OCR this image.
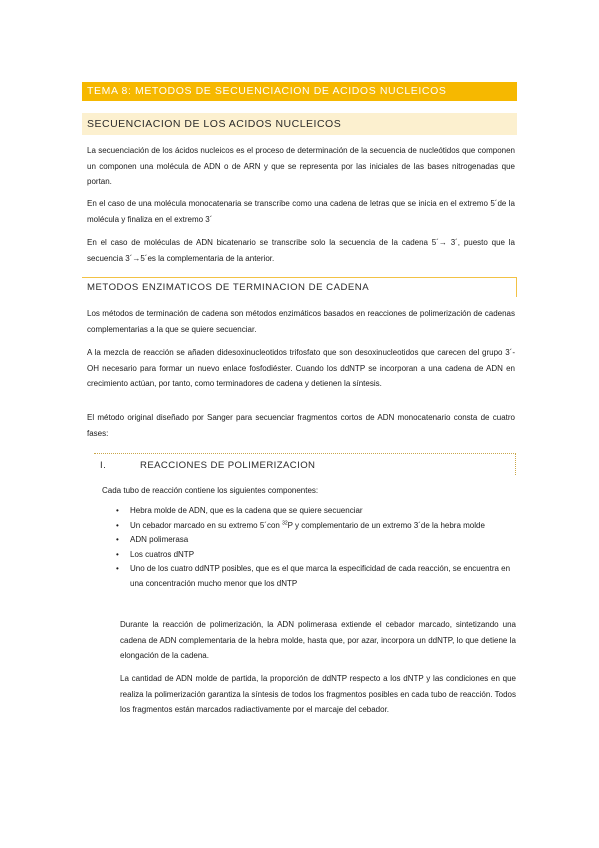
TEMA 8: METODOS DE SECUENCIACION DE ACIDOS NUCLEICOS
SECUENCIACION DE LOS ACIDOS NUCLEICOS

La secuenciación de los ácidos nucleicos es el proceso de determinación de la secuencia de nucleótidos que componen un componen una molécula de ADN o de ARN y que se representa por las iniciales de las bases nitrogenadas que portan.

En el caso de una molécula monocatenaria se transcribe como una cadena de letras que se inicia en el extremo 5´de la molécula y finaliza en el extremo 3´

En el caso de moléculas de ADN bicatenario se transcribe solo la secuencia de la cadena 5´→ 3´, puesto que la secuencia 3´→5´es la complementaria de la anterior.

METODOS ENZIMATICOS DE TERMINACION DE CADENA

Los métodos de terminación de cadena son métodos enzimáticos basados en reacciones de polimerización de cadenas complementarias a la que se quiere secuenciar.

A la mezcla de reacción se añaden didesoxinucleotidos trifosfato que son desoxinucleotidos que carecen del grupo 3´-OH necesario para formar un nuevo enlace fosfodiéster. Cuando los ddNTP se incorporan a una cadena de ADN en crecimiento actúan, por tanto, como terminadores de cadena y detienen la síntesis.

El método original diseñado por Sanger para secuenciar fragmentos cortos de ADN monocatenario consta de cuatro fases:

I.	REACCIONES DE POLIMERIZACION

Cada tubo de reacción contiene los siguientes componentes:

• Hebra molde de ADN, que es la cadena que se quiere secuenciar
• Un cebador marcado en su extremo 5´con $^{32}$P y complementario de un extremo 3´de la hebra molde
• ADN polimerasa
• Los cuatros dNTP
• Uno de los cuatro ddNTP posibles, que es el que marca la especificidad de cada reacción, se encuentra en una concentración mucho menor que los dNTP

Durante la reacción de polimerización, la ADN polimerasa extiende el cebador marcado, sintetizando una cadena de ADN complementaria de la hebra molde, hasta que, por azar, incorpora un ddNTP, lo que detiene la elongación de la cadena.

La cantidad de ADN molde de partida, la proporción de ddNTP respecto a los dNTP y las condiciones en que realiza la polimerización garantiza la síntesis de todos los fragmentos posibles en cada tubo de reacción. Todos los fragmentos están marcados radiactivamente por el marcaje del cebador.
